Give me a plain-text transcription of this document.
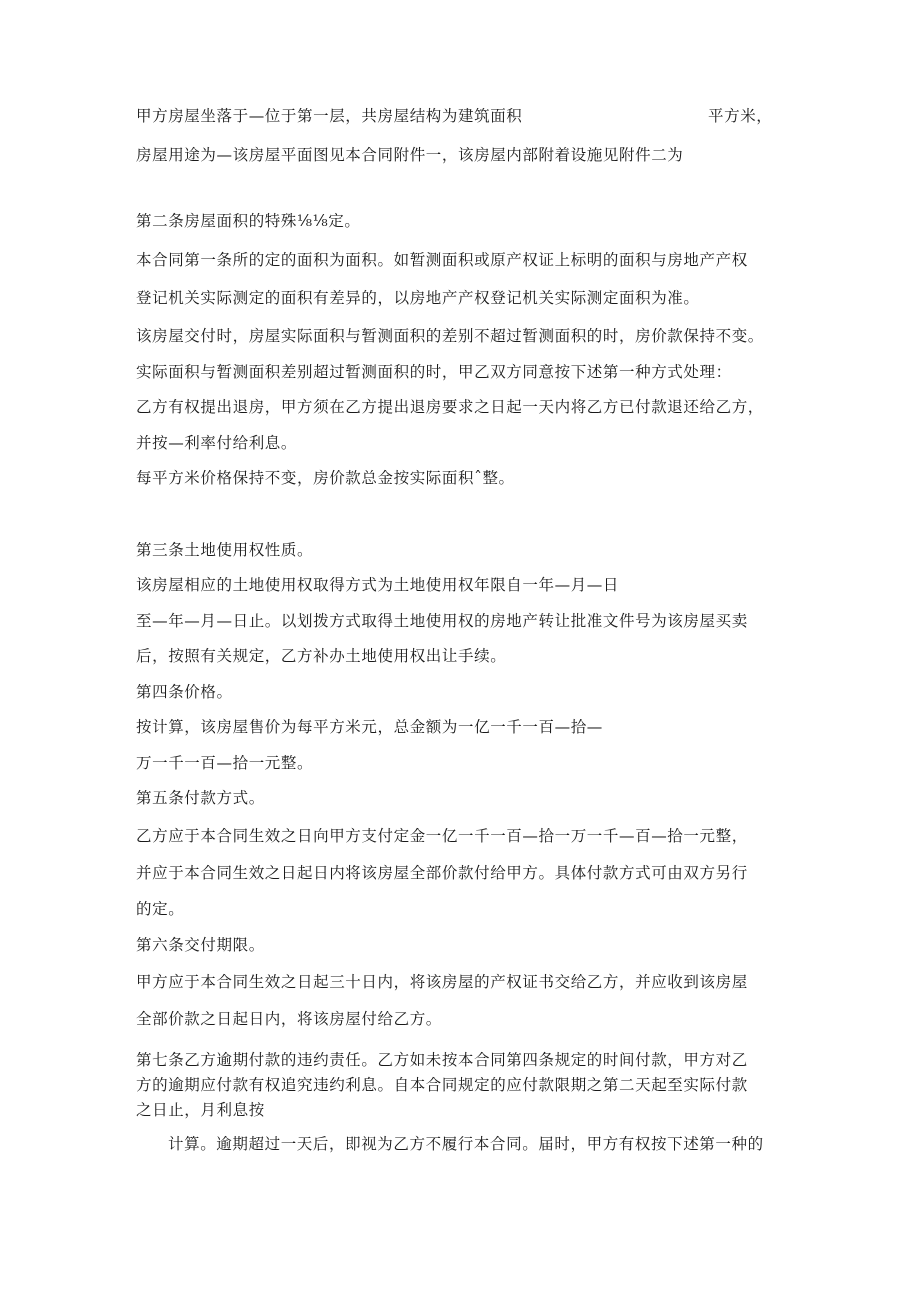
甲方房屋坐落于—位于第一层，共房屋结构为建筑面积	平方米，
房屋用途为—该房屋平面图见本合同附件一，该房屋内部附着设施见附件二为
第二条房屋面积的特殊⅛⅛定。
本合同第一条所的定的面积为面积。如暂测面积或原产权证上标明的面积与房地产产权
登记机关实际测定的面积有差异的，以房地产产权登记机关实际测定面积为准。
该房屋交付时，房屋实际面积与暂测面积的差别不超过暂测面积的时，房价款保持不变。
实际面积与暂测面积差别超过暂测面积的时，甲乙双方同意按下述第一种方式处理：
乙方有权提出退房，甲方须在乙方提出退房要求之日起一天内将乙方已付款退还给乙方，
并按—利率付给利息。
每平方米价格保持不变，房价款总金按实际面积ˆ整。
第三条土地使用权性质。
该房屋相应的土地使用权取得方式为土地使用权年限自一年—月—日
至—年—月—日止。以划拨方式取得土地使用权的房地产转让批准文件号为该房屋买卖
后，按照有关规定，乙方补办土地使用权出让手续。
第四条价格。
按计算，该房屋售价为每平方米元，总金额为一亿一千一百—拾—
万一千一百—拾一元整。
第五条付款方式。
乙方应于本合同生效之日向甲方支付定金一亿一千一百—拾一万一千—百—拾一元整，
并应于本合同生效之日起日内将该房屋全部价款付给甲方。具体付款方式可由双方另行
的定。
第六条交付期限。
甲方应于本合同生效之日起三十日内，将该房屋的产权证书交给乙方，并应收到该房屋
全部价款之日起日内，将该房屋付给乙方。
第七条乙方逾期付款的违约责任。乙方如未按本合同第四条规定的时间付款，甲方对乙
方的逾期应付款有权追究违约利息。自本合同规定的应付款限期之第二天起至实际付款
之日止，月利息按
计算。逾期超过一天后，即视为乙方不履行本合同。届时，甲方有权按下述第一种的
